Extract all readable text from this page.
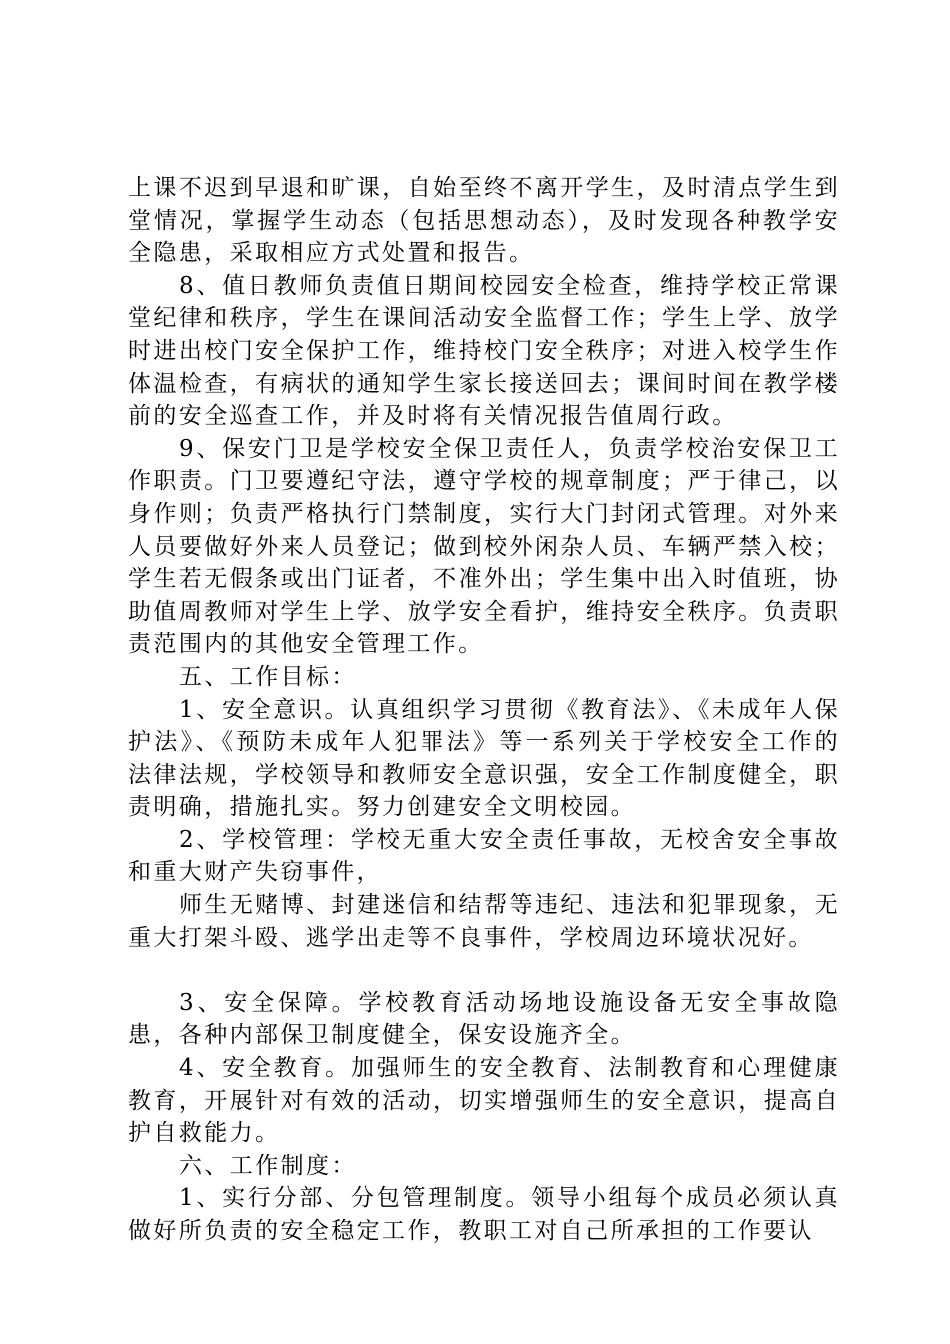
上课不迟到早退和旷课，自始至终不离开学生，及时清点学生到堂情况，掌握学生动态（包括思想动态），及时发现各种教学安全隐患，采取相应方式处置和报告。

8、值日教师负责值日期间校园安全检查，维持学校正常课堂纪律和秩序，学生在课间活动安全监督工作；学生上学、放学时进出校门安全保护工作，维持校门安全秩序；对进入校学生作体温检查，有病状的通知学生家长接送回去；课间时间在教学楼前的安全巡查工作，并及时将有关情况报告值周行政。

9、保安门卫是学校安全保卫责任人，负责学校治安保卫工作职责。门卫要遵纪守法，遵守学校的规章制度；严于律己，以身作则；负责严格执行门禁制度，实行大门封闭式管理。对外来人员要做好外来人员登记；做到校外闲杂人员、车辆严禁入校；学生若无假条或出门证者，不准外出；学生集中出入时值班，协助值周教师对学生上学、放学安全看护，维持安全秩序。负责职责范围内的其他安全管理工作。

五、工作目标：

1、安全意识。认真组织学习贯彻《教育法》、《未成年人保护法》、《预防未成年人犯罪法》等一系列关于学校安全工作的法律法规，学校领导和教师安全意识强，安全工作制度健全，职责明确，措施扎实。努力创建安全文明校园。

2、学校管理：学校无重大安全责任事故，无校舍安全事故和重大财产失窃事件，

师生无赌博、封建迷信和结帮等违纪、违法和犯罪现象，无重大打架斗殴、逃学出走等不良事件，学校周边环境状况好。

3、安全保障。学校教育活动场地设施设备无安全事故隐患，各种内部保卫制度健全，保安设施齐全。

4、安全教育。加强师生的安全教育、法制教育和心理健康教育，开展针对有效的活动，切实增强师生的安全意识，提高自护自救能力。

六、工作制度：

1、实行分部、分包管理制度。领导小组每个成员必须认真做好所负责的安全稳定工作，教职工对自己所承担的工作要认
